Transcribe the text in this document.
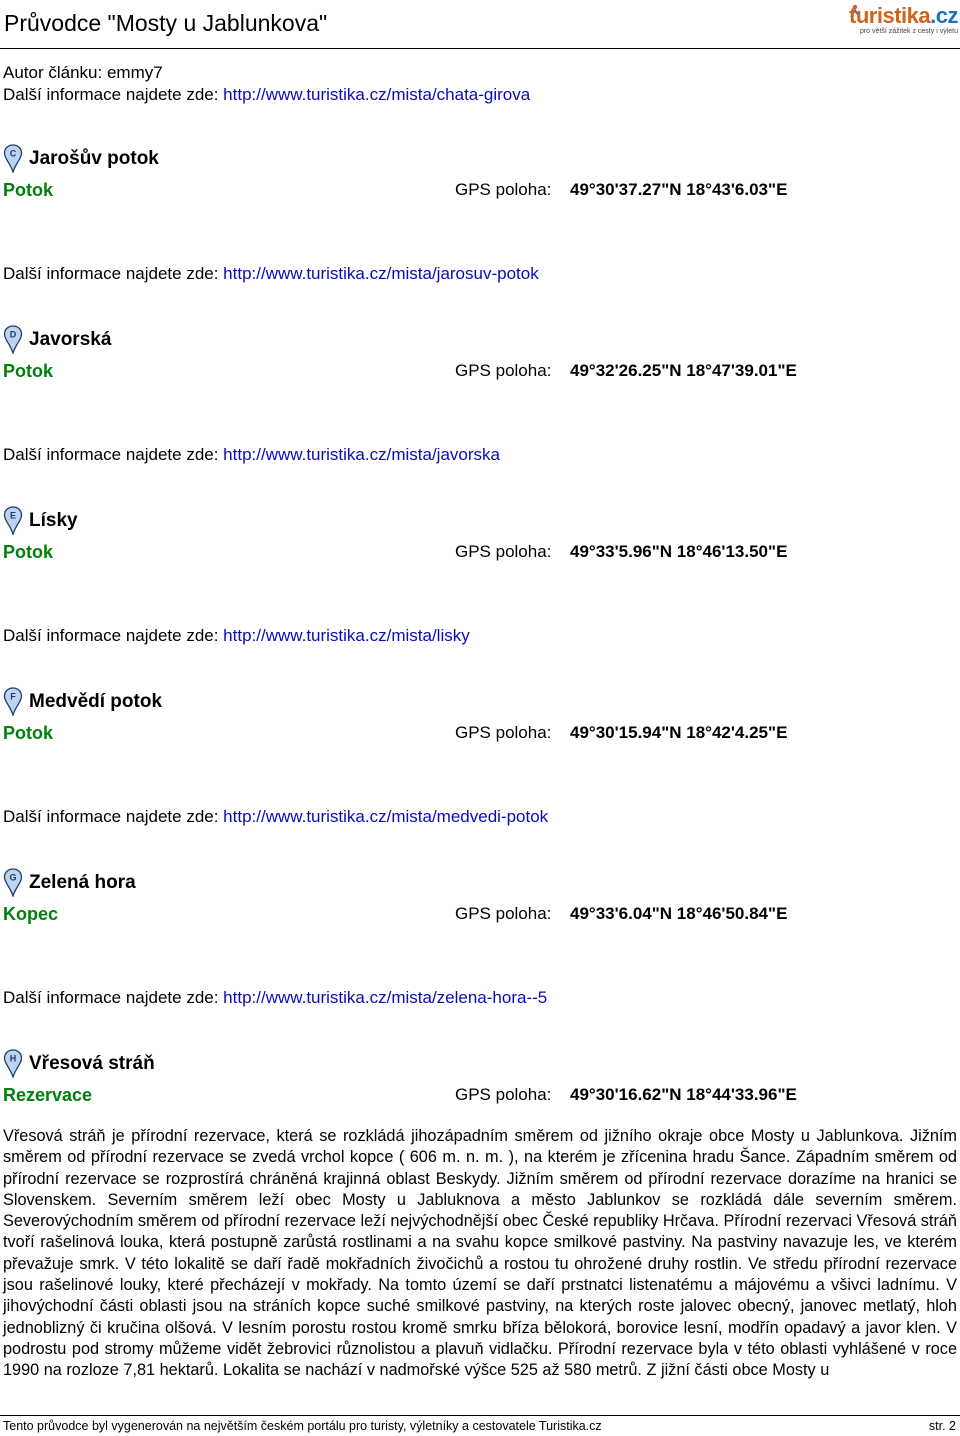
Průvodce "Mosty u Jablunkova"	turistika.cz
pro větší zážitek z cesty i výletu
Autor článku: emmy7
Další informace najdete zde: http://www.turistika.cz/mista/chata-girova
C Jarošův potok
Potok	GPS poloha: 49°30'37.27"N 18°43'6.03"E
Další informace najdete zde: http://www.turistika.cz/mista/jarosuv-potok
D Javorská
Potok	GPS poloha: 49°32'26.25"N 18°47'39.01"E
Další informace najdete zde: http://www.turistika.cz/mista/javorska
E Lísky
Potok	GPS poloha: 49°33'5.96"N 18°46'13.50"E
Další informace najdete zde: http://www.turistika.cz/mista/lisky
F Medvědí potok
Potok	GPS poloha: 49°30'15.94"N 18°42'4.25"E
Další informace najdete zde: http://www.turistika.cz/mista/medvedi-potok
G Zelená hora
Kopec	GPS poloha: 49°33'6.04"N 18°46'50.84"E
Další informace najdete zde: http://www.turistika.cz/mista/zelena-hora--5
H Vřesová stráň
Rezervace	GPS poloha: 49°30'16.62"N 18°44'33.96"E

Vřesová stráň je přírodní rezervace, která se rozkládá jihozápadním směrem od jižního okraje obce Mosty u Jablunkova. Jižním směrem od přírodní rezervace se zvedá vrchol kopce ( 606 m. n. m. ), na kterém je zřícenina hradu Šance. Západním směrem od přírodní rezervace se rozprostírá chráněná krajinná oblast Beskydy. Jižním směrem od přírodní rezervace dorazíme na hranici se Slovenskem. Severním směrem leží obec Mosty u Jabluknova a město Jablunkov se rozkládá dále severním směrem. Severovýchodním směrem od přírodní rezervace leží nejvýchodnější obec České republiky Hrčava. Přírodní rezervaci Vřesová stráň tvoří rašelinová louka, která postupně zarůstá rostlinami a na svahu kopce smilkové pastviny. Na pastviny navazuje les, ve kterém převažuje smrk. V této lokalitě se daří řadě mokřadních živočichů a rostou tu ohrožené druhy rostlin. Ve středu přírodní rezervace jsou rašelinové louky, které přecházejí v mokřady. Na tomto území se daří prstnatci listenatému a májovému a všivci ladnímu. V jihovýchodní části oblasti jsou na stráních kopce suché smilkové pastviny, na kterých roste jalovec obecný, janovec metlatý, hloh jednoblizný či kručina olšová. V lesním porostu rostou kromě smrku bříza bělokorá, borovice lesní, modřín opadavý a javor klen. V podrostu pod stromy můžeme vidět žebrovici různolistou a plavuň vidlačku. Přírodní rezervace byla v této oblasti vyhlášené v roce 1990 na rozloze 7,81 hektarů. Lokalita se nachází v nadmořské výšce 525 až 580 metrů. Z jižní části obce Mosty u

Tento průvodce byl vygenerován na největším českém portálu pro turisty, výletníky a cestovatele Turistika.cz	str. 2
